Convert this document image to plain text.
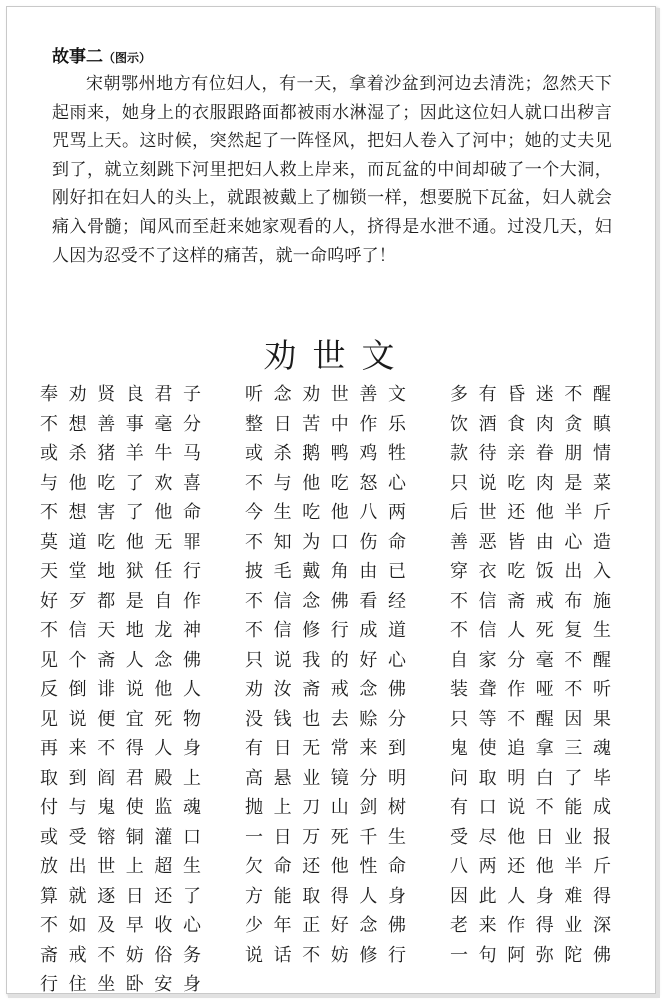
故事二（图示）
宋朝鄂州地方有位妇人，有一天，拿着沙盆到河边去清洗；忽然天下起雨来，她身上的衣服跟路面都被雨水淋湿了；因此这位妇人就口出秽言咒骂上天。这时候，突然起了一阵怪风，把妇人卷入了河中；她的丈夫见到了，就立刻跳下河里把妇人救上岸来，而瓦盆的中间却破了一个大洞，刚好扣在妇人的头上，就跟被戴上了枷锁一样，想要脱下瓦盆，妇人就会痛入骨髓；闻风而至赶来她家观看的人，挤得是水泄不通。过没几天，妇人因为忍受不了这样的痛苦，就一命呜呼了！
劝世文
奉劝贤良君子
不想善事毫分
或杀猪羊牛马
与他吃了欢喜
不想害了他命
莫道吃他无罪
天堂地狱任行
好歹都是自作
不信天地龙神
见个斋人念佛
反倒诽说他人
见说便宜死物
再来不得人身
取到阎君殿上
付与鬼使监魂
或受镕铜灌口
放出世上超生
算就逐日还了
不如及早收心
斋戒不妨俗务
行住坐卧安身
听念劝世善文
整日苦中作乐
或杀鹅鸭鸡牲
不与他吃怒心
今生吃他八两
不知为口伤命
披毛戴角由已
不信念佛看经
不信修行成道
只说我的好心
劝汝斋戒念佛
没钱也去赊分
有日无常来到
高悬业镜分明
抛上刀山剑树
一日万死千生
欠命还他性命
方能取得人身
少年正好念佛
说话不妨修行
多有昏迷不醒
饮酒食肉贪瞋
款待亲眷朋情
只说吃肉是菜
后世还他半斤
善恶皆由心造
穿衣吃饭出入
不信斋戒布施
不信人死复生
自家分毫不醒
装聋作哑不听
只等不醒因果
鬼使追拿三魂
问取明白了毕
有口说不能成
受尽他日业报
八两还他半斤
因此人身难得
老来作得业深
一句阿弥陀佛
